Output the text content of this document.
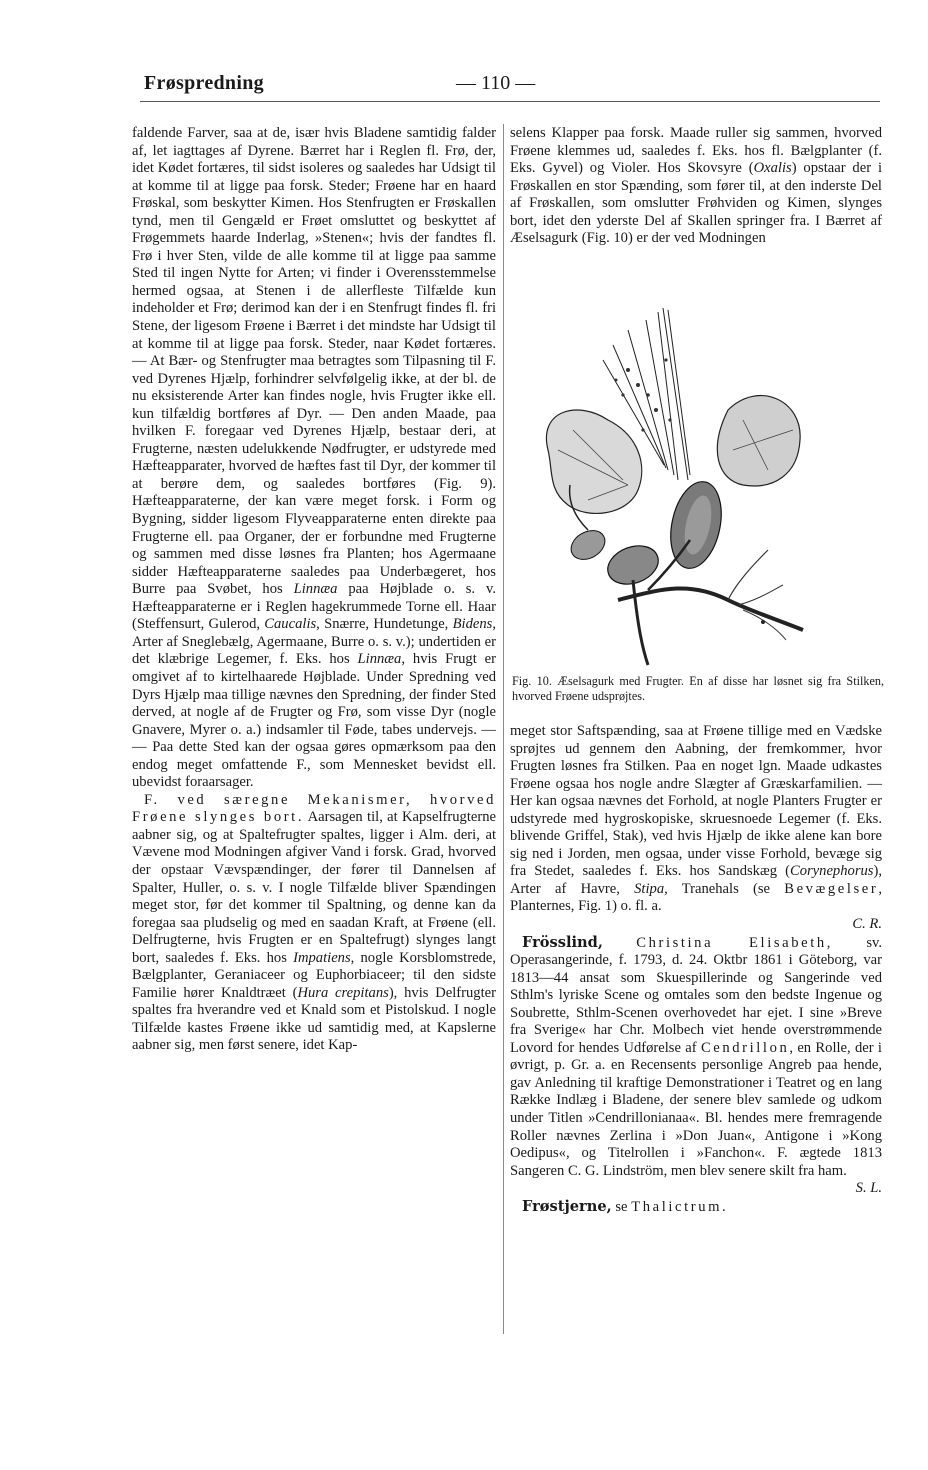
Frøspredning	— 110 —

faldende Farver, saa at de, især hvis Bladene samtidig falder af, let iagttages af Dyrene. Bærret har i Reglen fl. Frø, der, idet Kødet fortæres, til sidst isoleres og saaledes har Udsigt til at komme til at ligge paa forsk. Steder; Frøene har en haard Frøskal, som beskytter Kimen. Hos Stenfrugten er Frøskallen tynd, men til Gengæld er Frøet omsluttet og beskyttet af Frøgemmets haarde Inderlag, »Stenen«; hvis der fandtes fl. Frø i hver Sten, vilde de alle komme til at ligge paa samme Sted til ingen Nytte for Arten; vi finder i Overensstemmelse hermed ogsaa, at Stenen i de allerfleste Tilfælde kun indeholder et Frø; derimod kan der i en Stenfrugt findes fl. fri Stene, der ligesom Frøene i Bærret i det mindste har Udsigt til at komme til at ligge paa forsk. Steder, naar Kødet fortæres. — At Bær- og Stenfrugter maa betragtes som Tilpasning til F. ved Dyrenes Hjælp, forhindrer selvfølgelig ikke, at der bl. de nu eksisterende Arter kan findes nogle, hvis Frugter ikke ell. kun tilfældig bortføres af Dyr. — Den anden Maade, paa hvilken F. foregaar ved Dyrenes Hjælp, bestaar deri, at Frugterne, næsten udelukkende Nødfrugter, er udstyrede med Hæfteapparater, hvorved de hæftes fast til Dyr, der kommer til at berøre dem, og saaledes bortføres (Fig. 9). Hæfteapparaterne, der kan være meget forsk. i Form og Bygning, sidder ligesom Flyveapparaterne enten direkte paa Frugterne ell. paa Organer, der er forbundne med Frugterne og sammen med disse løsnes fra Planten; hos Agermaane sidder Hæfteapparaterne saaledes paa Underbægeret, hos Burre paa Svøbet, hos Linnæa paa Højblade o. s. v. Hæfteapparaterne er i Reglen hagekrummede Torne ell. Haar (Steffensurt, Gulerod, Caucalis, Snærre, Hundetunge, Bidens, Arter af Sneglebælg, Agermaane, Burre o. s. v.); undertiden er det klæbrige Legemer, f. Eks. hos Linnæa, hvis Frugt er omgivet af to kirtelhaarede Højblade. Under Spredning ved Dyrs Hjælp maa tillige nævnes den Spredning, der finder Sted derved, at nogle af de Frugter og Frø, som visse Dyr (nogle Gnavere, Myrer o. a.) indsamler til Føde, tabes undervejs. — — Paa dette Sted kan der ogsaa gøres opmærksom paa den endog meget omfattende F., som Mennesket bevidst ell. ubevidst foraarsager.

F. ved særegne Mekanismer, hvorved Frøene slynges bort. Aarsagen til, at Kapselfrugterne aabner sig, og at Spaltefrugter spaltes, ligger i Alm. deri, at Vævene mod Modningen afgiver Vand i forsk. Grad, hvorved der opstaar Vævspændinger, der fører til Dannelsen af Spalter, Huller, o. s. v. I nogle Tilfælde bliver Spændingen meget stor, før det kommer til Spaltning, og denne kan da foregaa saa pludselig og med en saadan Kraft, at Frøene (ell. Delfrugterne, hvis Frugten er en Spaltefrugt) slynges langt bort, saaledes f. Eks. hos Impatiens, nogle Korsblomstrede, Bælgplanter, Geraniaceer og Euphorbiaceer; til den sidste Familie hører Knaldtræet (Hura crepitans), hvis Delfrugter spaltes fra hverandre ved et Knald som et Pistolskud. I nogle Tilfælde kastes Frøene ikke ud samtidig med, at Kapslerne aabner sig, men først senere, idet Kap-

selens Klapper paa forsk. Maade ruller sig sammen, hvorved Frøene klemmes ud, saaledes f. Eks. hos fl. Bælgplanter (f. Eks. Gyvel) og Violer. Hos Skovsyre (Oxalis) opstaar der i Frøskallen en stor Spænding, som fører til, at den inderste Del af Frøskallen, som omslutter Frøhviden og Kimen, slynges bort, idet den yderste Del af Skallen springer fra. I Bærret af Æselsagurk (Fig. 10) er der ved Modningen

Fig. 10. Æselsagurk med Frugter. En af disse har løsnet sig fra Stilken, hvorved Frøene udsprøjtes.

meget stor Saftspænding, saa at Frøene tillige med en Vædske sprøjtes ud gennem den Aabning, der fremkommer, hvor Frugten løsnes fra Stilken. Paa en noget lgn. Maade udkastes Frøene ogsaa hos nogle andre Slægter af Græskarfamilien. — Her kan ogsaa nævnes det Forhold, at nogle Planters Frugter er udstyrede med hygroskopiske, skruesnoede Legemer (f. Eks. blivende Griffel, Stak), ved hvis Hjælp de ikke alene kan bore sig ned i Jorden, men ogsaa, under visse Forhold, bevæge sig fra Stedet, saaledes f. Eks. hos Sandskæg (Corynephorus), Arter af Havre, Stipa, Tranehals (se Bevægelser, Planternes, Fig. 1) o. fl. a.

C. R.

Frösslind, Christina Elisabeth, sv. Operasangerinde, f. 1793, d. 24. Oktbr 1861 i Göteborg, var 1813—44 ansat som Skuespillerinde og Sangerinde ved Sthlm's lyriske Scene og omtales som den bedste Ingenue og Soubrette, Sthlm-Scenen overhovedet har ejet. I sine »Breve fra Sverige« har Chr. Molbech viet hende overstrømmende Lovord for hendes Udførelse af Cendrillon, en Rolle, der i øvrigt, p. Gr. a. en Recensents personlige Angreb paa hende, gav Anledning til kraftige Demonstrationer i Teatret og en lang Række Indlæg i Bladene, der senere blev samlede og udkom under Titlen »Cendrillonianaa«. Bl. hendes mere fremragende Roller nævnes Zerlina i »Don Juan«, Antigone i »Kong Oedipus«, og Titelrollen i »Fanchon«. F. ægtede 1813 Sangeren C. G. Lindström, men blev senere skilt fra ham.

S. L.

Frøstjerne, se Thalictrum.
